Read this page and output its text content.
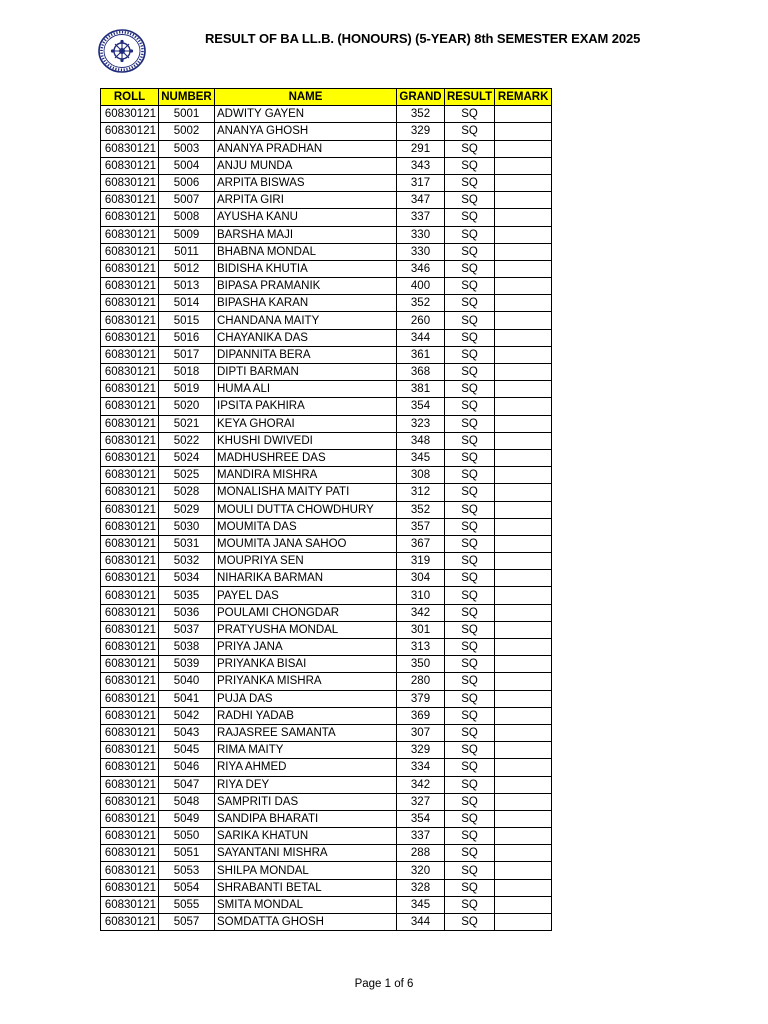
RESULT OF BA LL.B. (HONOURS) (5-YEAR) 8th SEMESTER EXAM 2025
ROLL	NUMBER	NAME	GRAND	RESULT	REMARK
60830121	5001	ADWITY GAYEN	352	SQ	
60830121	5002	ANANYA GHOSH	329	SQ	
60830121	5003	ANANYA PRADHAN	291	SQ	
60830121	5004	ANJU MUNDA	343	SQ	
60830121	5006	ARPITA BISWAS	317	SQ	
60830121	5007	ARPITA GIRI	347	SQ	
60830121	5008	AYUSHA KANU	337	SQ	
60830121	5009	BARSHA MAJI	330	SQ	
60830121	5011	BHABNA MONDAL	330	SQ	
60830121	5012	BIDISHA KHUTIA	346	SQ	
60830121	5013	BIPASA PRAMANIK	400	SQ	
60830121	5014	BIPASHA KARAN	352	SQ	
60830121	5015	CHANDANA MAITY	260	SQ	
60830121	5016	CHAYANIKA DAS	344	SQ	
60830121	5017	DIPANNITA BERA	361	SQ	
60830121	5018	DIPTI BARMAN	368	SQ	
60830121	5019	HUMA ALI	381	SQ	
60830121	5020	IPSITA PAKHIRA	354	SQ	
60830121	5021	KEYA GHORAI	323	SQ	
60830121	5022	KHUSHI DWIVEDI	348	SQ	
60830121	5024	MADHUSHREE DAS	345	SQ	
60830121	5025	MANDIRA MISHRA	308	SQ	
60830121	5028	MONALISHA MAITY PATI	312	SQ	
60830121	5029	MOULI DUTTA CHOWDHURY	352	SQ	
60830121	5030	MOUMITA DAS	357	SQ	
60830121	5031	MOUMITA JANA SAHOO	367	SQ	
60830121	5032	MOUPRIYA SEN	319	SQ	
60830121	5034	NIHARIKA BARMAN	304	SQ	
60830121	5035	PAYEL DAS	310	SQ	
60830121	5036	POULAMI CHONGDAR	342	SQ	
60830121	5037	PRATYUSHA MONDAL	301	SQ	
60830121	5038	PRIYA JANA	313	SQ	
60830121	5039	PRIYANKA BISAI	350	SQ	
60830121	5040	PRIYANKA MISHRA	280	SQ	
60830121	5041	PUJA DAS	379	SQ	
60830121	5042	RADHI YADAB	369	SQ	
60830121	5043	RAJASREE SAMANTA	307	SQ	
60830121	5045	RIMA MAITY	329	SQ	
60830121	5046	RIYA AHMED	334	SQ	
60830121	5047	RIYA DEY	342	SQ	
60830121	5048	SAMPRITI DAS	327	SQ	
60830121	5049	SANDIPA BHARATI	354	SQ	
60830121	5050	SARIKA KHATUN	337	SQ	
60830121	5051	SAYANTANI MISHRA	288	SQ	
60830121	5053	SHILPA MONDAL	320	SQ	
60830121	5054	SHRABANTI BETAL	328	SQ	
60830121	5055	SMITA MONDAL	345	SQ	
60830121	5057	SOMDATTA GHOSH	344	SQ	
Page 1 of 6
